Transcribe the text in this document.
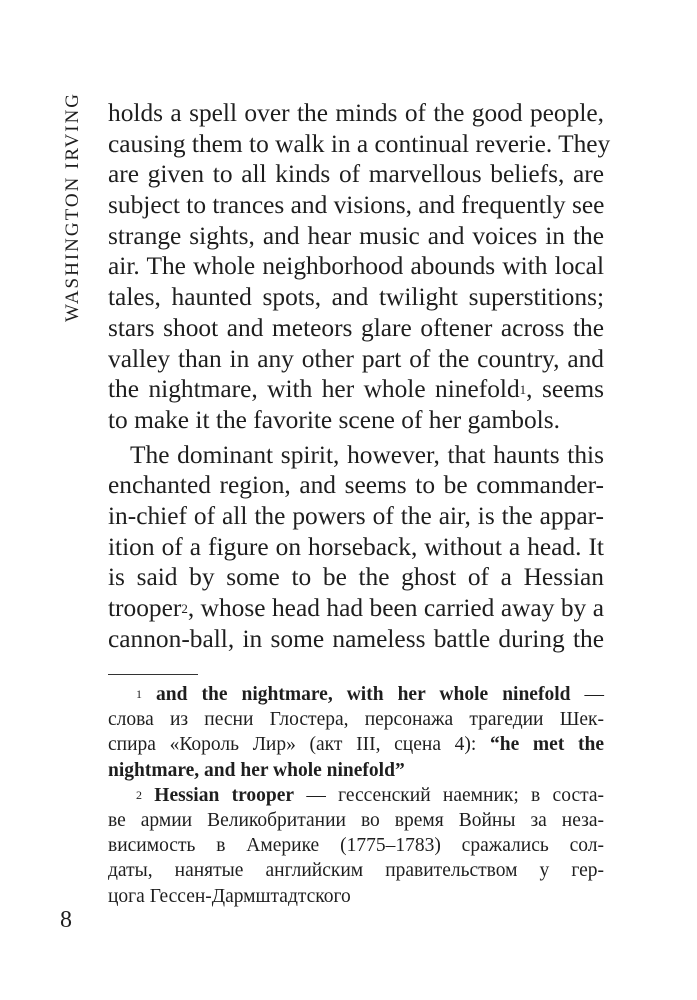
WASHINGTON IRVING holds a spell over the minds of the good people,
causing them to walk in a continual reverie. They
are given to all kinds of marvellous beliefs, are
subject to trances and visions, and frequently see
strange sights, and hear music and voices in the
air. The whole neighborhood abounds with local
tales, haunted spots, and twilight superstitions;
stars shoot and meteors glare oftener across the
valley than in any other part of the country, and
the nightmare, with her whole ninefold$^1$, seems
to make it the favorite scene of her gambols.
The dominant spirit, however, that haunts this
enchanted region, and seems to be commander-
in-chief of all the powers of the air, is the appar-
ition of a figure on horseback, without a head. It
is said by some to be the ghost of a Hessian
trooper$^2$, whose head had been carried away by a
cannon-ball, in some nameless battle during the
$^1$ and the nightmare, with her whole ninefold —
слова из песни Глостера, персонажа трагедии Шек-
спира «Король Лир» (акт III, сцена 4): “he met the
nightmare, and her whole ninefold”
$^2$ Hessian trooper — гессенский наемник; в соста-
ве армии Великобритании во время Войны за неза-
висимость в Америке (1775–1783) сражались сол-
даты, нанятые английским правительством у гер-
цога Гессен-Дармштадтского
8
